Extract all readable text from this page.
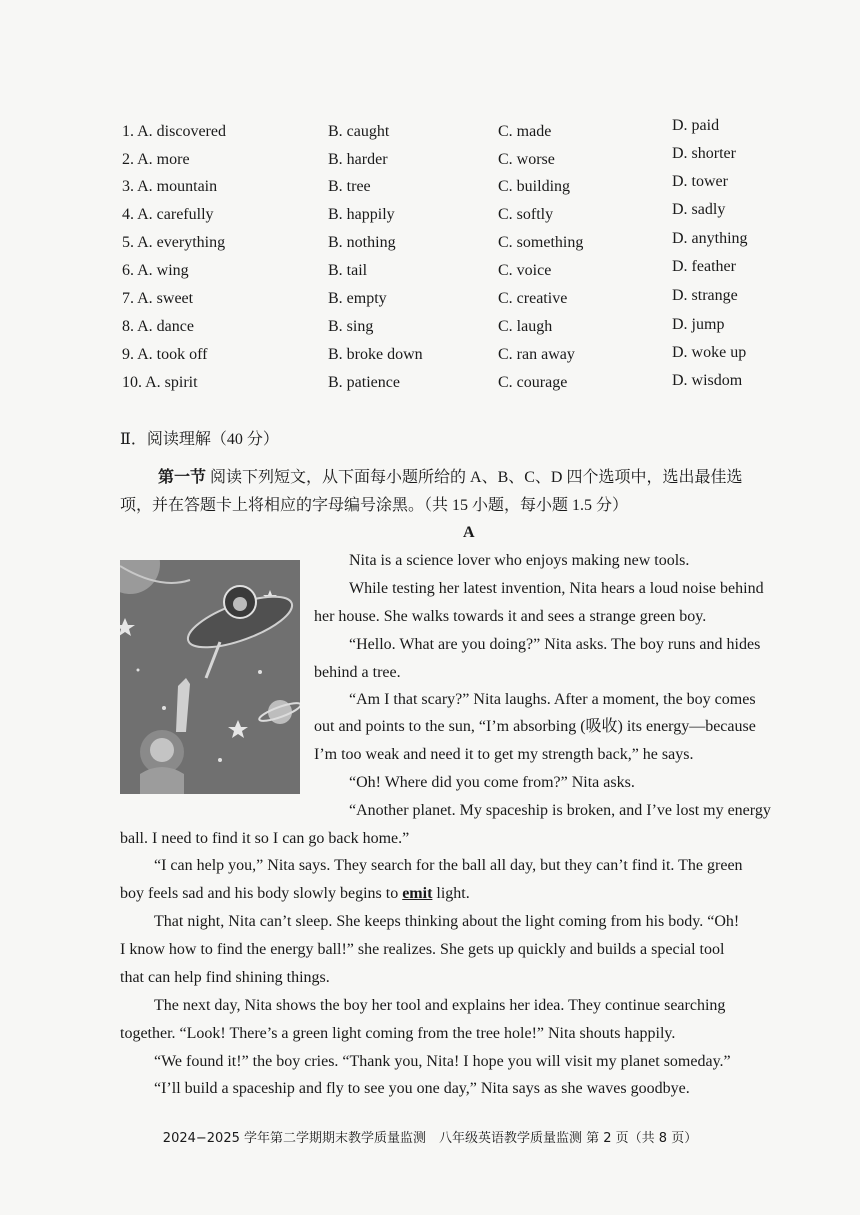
1. A. discovered	B. caught	C. made	D. paid
2. A. more	B. harder	C. worse	D. shorter
3. A. mountain	B. tree	C. building	D. tower
4. A. carefully	B. happily	C. softly	D. sadly
5. A. everything	B. nothing	C. something	D. anything
6. A. wing	B. tail	C. voice	D. feather
7. A. sweet	B. empty	C. creative	D. strange
8. A. dance	B. sing	C. laugh	D. jump
9. A. took off	B. broke down	C. ran away	D. woke up
10. A. spirit	B. patience	C. courage	D. wisdom
Ⅱ．阅读理解（40 分）
第一节 阅读下列短文，从下面每小题所给的 A、B、C、D 四个选项中，选出最佳选
项，并在答题卡上将相应的字母编号涂黑。（共 15 小题，每小题 1.5 分）
A
Nita is a science lover who enjoys making new tools.
While testing her latest invention, Nita hears a loud noise behind
her house. She walks towards it and sees a strange green boy.
“Hello. What are you doing?” Nita asks. The boy runs and hides
behind a tree.
“Am I that scary?” Nita laughs. After a moment, the boy comes
out and points to the sun, “I’m absorbing (吸收) its energy—because
I’m too weak and need it to get my strength back,” he says.
“Oh! Where did you come from?” Nita asks.
“Another planet. My spaceship is broken, and I’ve lost my energy
ball. I need to find it so I can go back home.”
“I can help you,” Nita says. They search for the ball all day, but they can’t find it. The green
boy feels sad and his body slowly begins to emit light.
That night, Nita can’t sleep. She keeps thinking about the light coming from his body. “Oh!
I know how to find the energy ball!” she realizes. She gets up quickly and builds a special tool
that can help find shining things.
The next day, Nita shows the boy her tool and explains her idea. They continue searching
together. “Look! There’s a green light coming from the tree hole!” Nita shouts happily.
“We found it!” the boy cries. “Thank you, Nita! I hope you will visit my planet someday.”
“I’ll build a spaceship and fly to see you one day,” Nita says as she waves goodbye.
2024−2025 学年第二学期期末教学质量监测　八年级英语教学质量监测 第 2 页（共 8 页）
